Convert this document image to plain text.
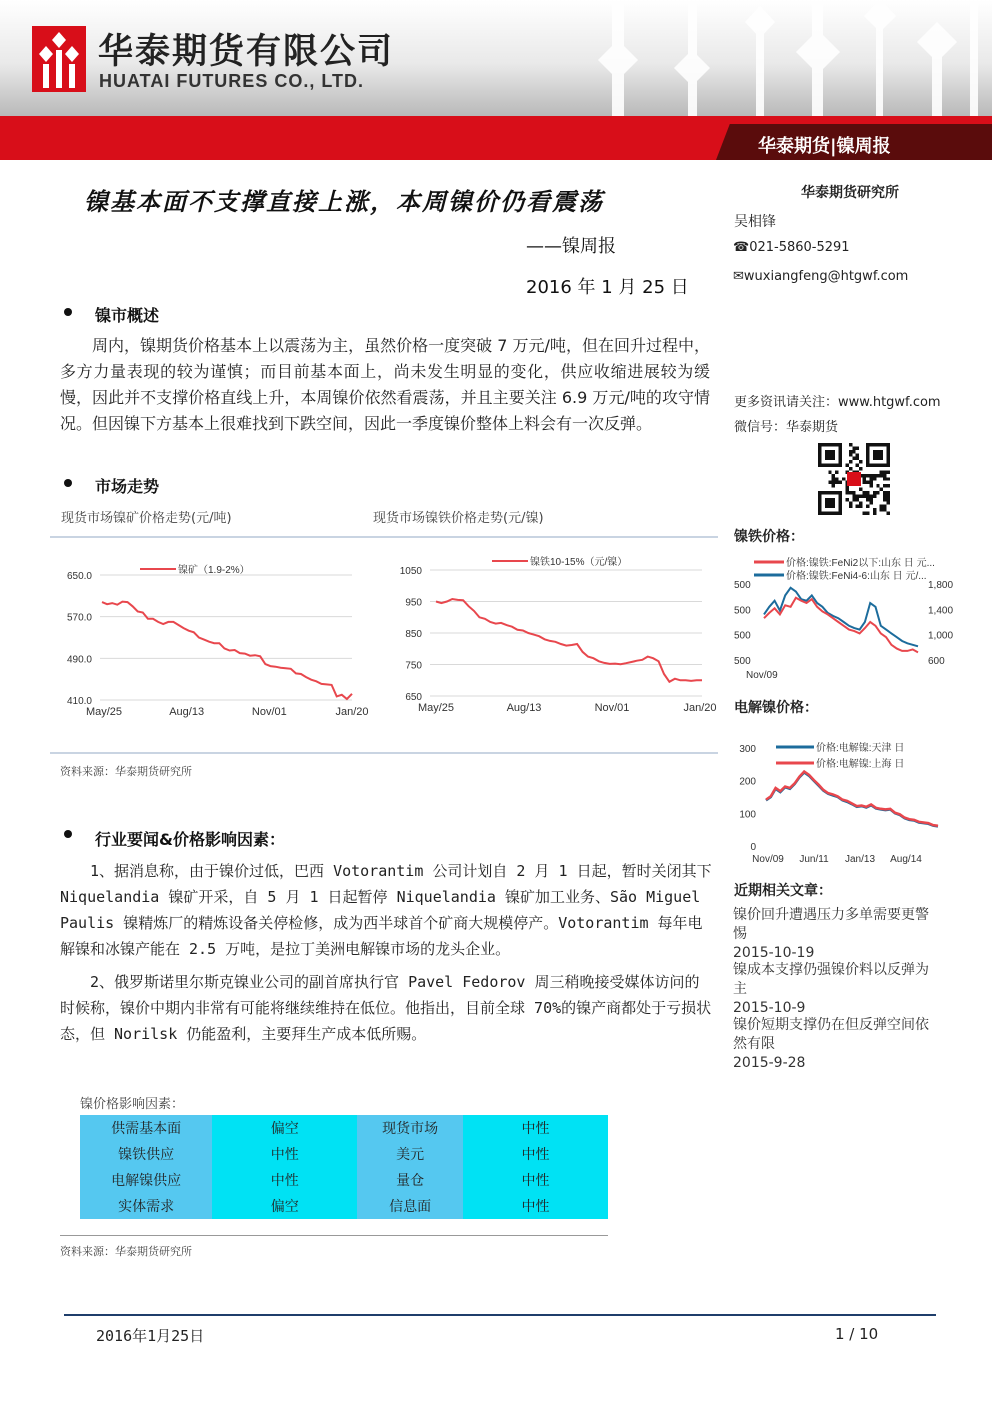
华泰期货有限公司
HUATAI FUTURES CO., LTD.
华泰期货|镍周报
镍基本面不支撑直接上涨，本周镍价仍看震荡
——镍周报
2016 年 1 月 25 日
华泰期货研究所
吴相锋
☎021-5860-5291
✉wuxiangfeng@htgwf.com
更多资讯请关注：www.htgwf.com
微信号：华泰期货
镍铁价格：
500
500
500
500
1,800
1,400
1,000
600
Nov/09
价格:镍铁:FeNi2以下:山东 日 元...
价格:镍铁:FeNi4-6:山东 日 元/...
电解镍价格：
300
200
100
0
Nov/09 Jun/11 Jan/13 Aug/14
价格:电解镍:天津 日
价格:电解镍:上海 日
近期相关文章：
镍价回升遭遇压力多单需要更警惕
2015-10-19
镍成本支撑仍强镍价料以反弹为主
2015-10-9
镍价短期支撑仍在但反弹空间依然有限
2015-9-28
镍市概述
周内，镍期货价格基本上以震荡为主，虽然价格一度突破 7 万元/吨，但在回升过程中，多方力量表现的较为谨慎；而目前基本面上，尚未发生明显的变化，供应收缩进展较为缓慢，因此并不支撑价格直线上升，本周镍价依然看震荡，并且主要关注 6.9 万元/吨的攻守情况。但因镍下方基本上很难找到下跌空间，因此一季度镍价整体上料会有一次反弹。
市场走势
现货市场镍矿价格走势(元/吨)	现货市场镍铁价格走势(元/镍)
650.0
570.0
490.0
410.0
May/25	Aug/13	Nov/01	Jan/20
镍矿（1.9-2%）	1050
950
850
750
650
May/25	Aug/13	Nov/01	Jan/20
镍铁10-15%（元/镍）
资料来源：华泰期货研究所
行业要闻&价格影响因素：
1、据消息称，由于镍价过低，巴西 Votorantim 公司计划自 2 月 1 日起，暂时关闭其下 Niquelandia 镍矿开采，自 5 月 1 日起暂停 Niquelandia 镍矿加工业务、São Miguel Paulis 镍精炼厂的精炼设备关停检修，成为西半球首个矿商大规模停产。Votorantim 每年电解镍和冰镍产能在 2.5 万吨，是拉丁美洲电解镍市场的龙头企业。
2、俄罗斯诺里尔斯克镍业公司的副首席执行官 Pavel Fedorov 周三稍晚接受媒体访问的时候称，镍价中期内非常有可能将继续维持在低位。他指出，目前全球 70%的镍产商都处于亏损状态，但 Norilsk 仍能盈利，主要拜生产成本低所赐。
镍价格影响因素：
供需基本面	偏空	现货市场	中性
镍铁供应	中性	美元	中性
电解镍供应	中性	量仓	中性
实体需求	偏空	信息面	中性
资料来源：华泰期货研究所
2016年1月25日	1 / 10
